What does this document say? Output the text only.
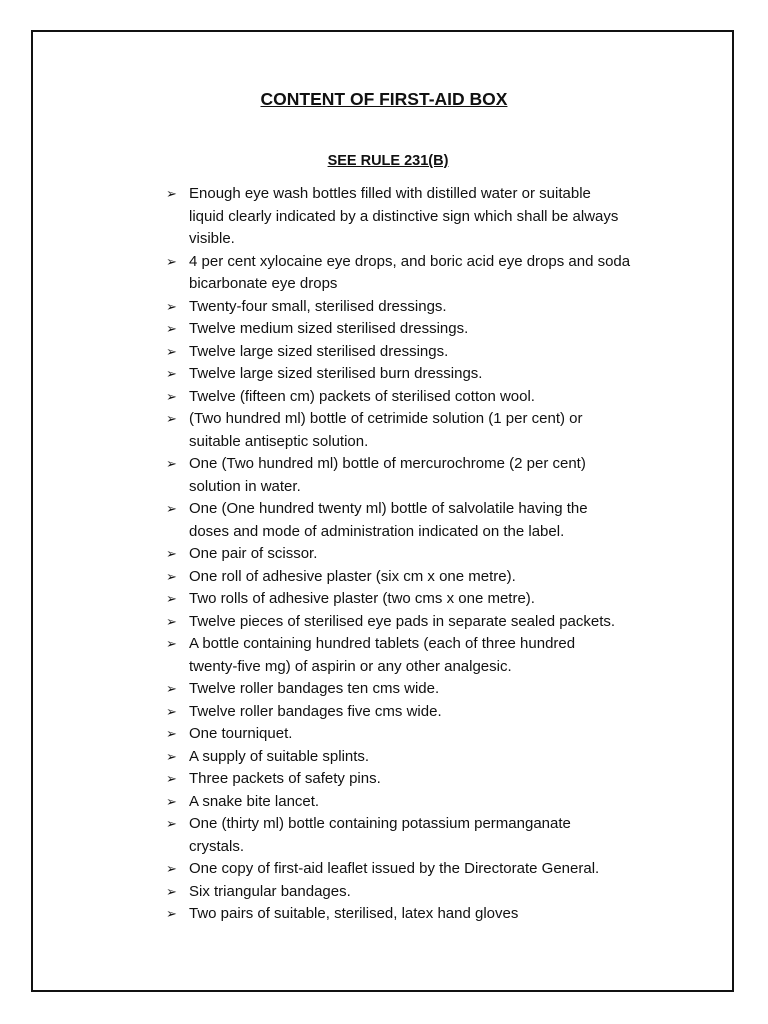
CONTENT OF FIRST-AID BOX
SEE RULE 231(B)
➢ Enough eye wash bottles filled with distilled water or suitable
liquid clearly indicated by a distinctive sign which shall be always
visible.
➢ 4 per cent xylocaine eye drops, and boric acid eye drops and soda
bicarbonate eye drops
➢ Twenty-four small, sterilised dressings.
➢ Twelve medium sized sterilised dressings.
➢ Twelve large sized sterilised dressings.
➢ Twelve large sized sterilised burn dressings.
➢ Twelve (fifteen cm) packets of sterilised cotton wool.
➢ (Two hundred ml) bottle of cetrimide solution (1 per cent) or
suitable antiseptic solution.
➢ One (Two hundred ml) bottle of mercurochrome (2 per cent)
solution in water.
➢ One (One hundred twenty ml) bottle of salvolatile having the
doses and mode of administration indicated on the label.
➢ One pair of scissor.
➢ One roll of adhesive plaster (six cm x one metre).
➢ Two rolls of adhesive plaster (two cms x one metre).
➢ Twelve pieces of sterilised eye pads in separate sealed packets.
➢ A bottle containing hundred tablets (each of three hundred
twenty-five mg) of aspirin or any other analgesic.
➢ Twelve roller bandages ten cms wide.
➢ Twelve roller bandages five cms wide.
➢ One tourniquet.
➢ A supply of suitable splints.
➢ Three packets of safety pins.
➢ A snake bite lancet.
➢ One (thirty ml) bottle containing potassium permanganate
crystals.
➢ One copy of first-aid leaflet issued by the Directorate General.
➢ Six triangular bandages.
➢ Two pairs of suitable, sterilised, latex hand gloves
